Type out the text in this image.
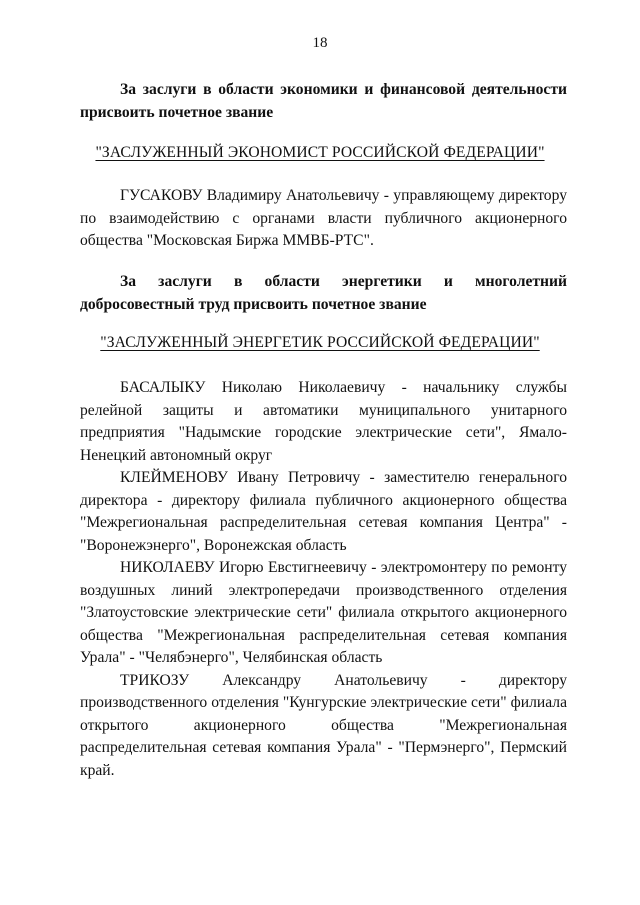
18
За заслуги в области экономики и финансовой деятельности присвоить почетное звание
"ЗАСЛУЖЕННЫЙ ЭКОНОМИСТ РОССИЙСКОЙ ФЕДЕРАЦИИ"

ГУСАКОВУ Владимиру Анатольевичу - управляющему директору по взаимодействию с органами власти публичного акционерного общества "Московская Биржа ММВБ-РТС".

За заслуги в области энергетики и многолетний добросовестный труд присвоить почетное звание
"ЗАСЛУЖЕННЫЙ ЭНЕРГЕТИК РОССИЙСКОЙ ФЕДЕРАЦИИ"

БАСАЛЫКУ Николаю Николаевичу - начальнику службы релейной защиты и автоматики муниципального унитарного предприятия "Надымские городские электрические сети", Ямало-Ненецкий автономный округ

КЛЕЙМЕНОВУ Ивану Петровичу - заместителю генерального директора - директору филиала публичного акционерного общества "Межрегиональная распределительная сетевая компания Центра" - "Воронежэнерго", Воронежская область

НИКОЛАЕВУ Игорю Евстигнеевичу - электромонтеру по ремонту воздушных линий электропередачи производственного отделения "Златоустовские электрические сети" филиала открытого акционерного общества "Межрегиональная распределительная сетевая компания Урала" - "Челябэнерго", Челябинская область

ТРИКОЗУ Александру Анатольевичу - директору производственного отделения "Кунгурские электрические сети" филиала открытого акционерного общества "Межрегиональная распределительная сетевая компания Урала" - "Пермэнерго", Пермский край.
